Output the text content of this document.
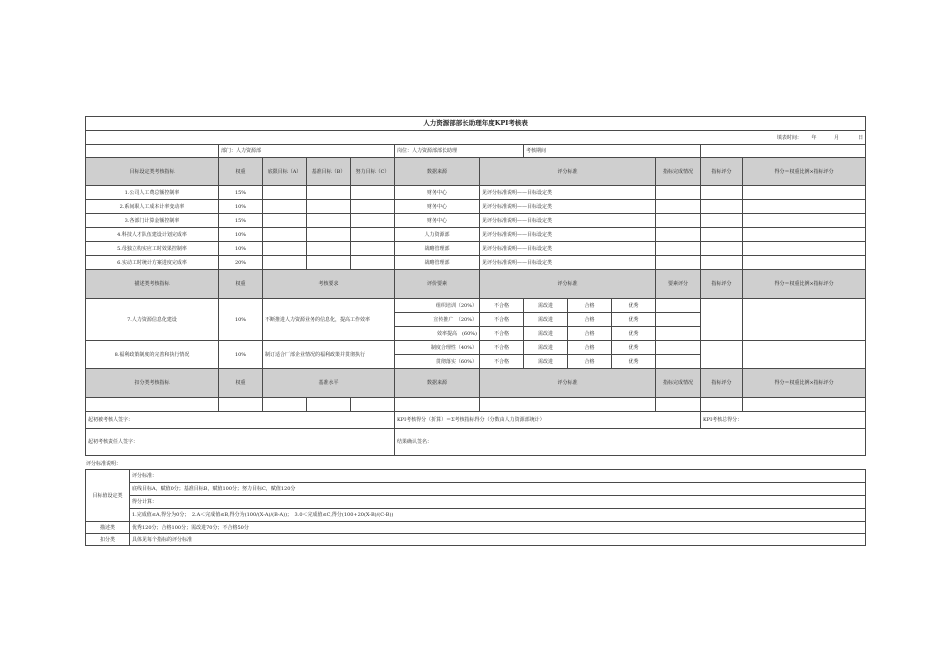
人力资源部部长助理年度KPI考核表												
填表时间： 年 月 日												
	部门：人力资源部				岗位：人力资源部部长助理		考核期间					
目标设定类考核指标	权重	底限目标（A）	基准目标（B）	努力目标（C）	数据来源	评分标准				指标完成情况	指标评分	得分＝权重比例×指标评分
1.公司人工费总额控制率	15%				财务中心	见评分标准说明——目标设定类						
2.系间职人工成本计率变动率	10%				财务中心	见评分标准说明——目标设定类						
3.各部门计算金额控制率	15%				财务中心	见评分标准说明——目标设定类						
4.科技人才队伍建设计划完成率	10%				人力资源部	见评分标准说明——目标设定类						
5.母独立构实应工时效果控制率	10%				战略管理部	见评分标准说明——目标设定类						
6.实动工时统计方案进度完成率	20%				战略管理部	见评分标准说明——目标设定类						
描述类考核指标	权重	考核要求			评价要素	评分标准				要素评分	指标评分	得分＝权重比例×指标评分
7.人力资源信息化建设	10%	不断推进人力资源业务的信息化，提高工作效率			组织培训（20%）	不合格	需改进	合格	优秀			
					宣传推广　（20%）	不合格	需改进	合格	优秀			
					效率提高　(60%)	不合格	需改进	合格	优秀			
8.福利政策制度的完善和执行情况	10%	制订适合厂部企业情况的福利政策并贯彻执行			制度合理性（40%）	不合格	需改进	合格	优秀			
					贯彻落实（60%）	不合格	需改进	合格	优秀			
扣分类考核指标	权重	基准水平			数据来源	评分标准				指标完成情况	指标评分	得分＝权重比例×指标评分

起初被考核人签字：					KPI考核得分（折算）＝Σ考核指标得分（分数由人力资源部统计）						KPI考核总得分：	
起初考核责任人签字：					结果确认签名：							
评分标准说明：
目标值设定类	评分标准：
	底线目标A，赋值0分；基准目标B，赋值100分；努力目标C，赋值120分
	得分计算：
	1.完成值≤A,得分为0分；　2.A＜完成值≤B,得分为(100/(X-A)/(B-A))；　3.0＜完成值≤C,得分(100+20(X-B)/(C-B))
描述类	优秀120分；合格100分；需改进70分；不合格50分
扣分类	具体见每个指标的评分标准
